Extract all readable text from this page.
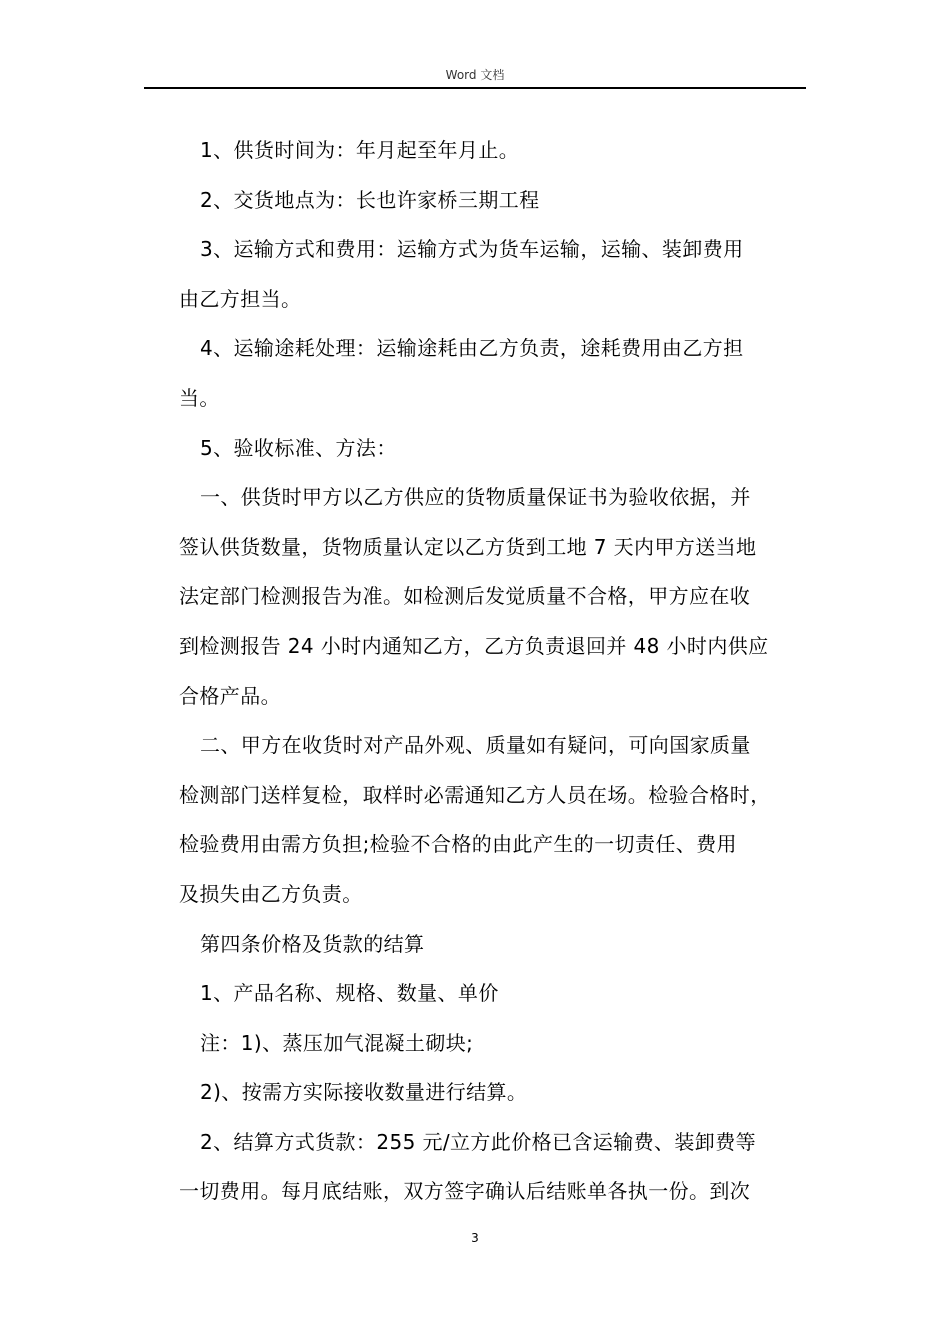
Word 文档
1、供货时间为：年月起至年月止。
2、交货地点为：长也许家桥三期工程
3、运输方式和费用：运输方式为货车运输，运输、装卸费用
由乙方担当。
4、运输途耗处理：运输途耗由乙方负责，途耗费用由乙方担
当。
5、验收标准、方法：
一、供货时甲方以乙方供应的货物质量保证书为验收依据，并
签认供货数量，货物质量认定以乙方货到工地 7 天内甲方送当地
法定部门检测报告为准。如检测后发觉质量不合格，甲方应在收
到检测报告 24 小时内通知乙方，乙方负责退回并 48 小时内供应
合格产品。
二、甲方在收货时对产品外观、质量如有疑问，可向国家质量
检测部门送样复检，取样时必需通知乙方人员在场。检验合格时，
检验费用由需方负担;检验不合格的由此产生的一切责任、费用
及损失由乙方负责。
第四条价格及货款的结算
1、产品名称、规格、数量、单价
注：1)、蒸压加气混凝土砌块;
2)、按需方实际接收数量进行结算。
2、结算方式货款：255 元/立方此价格已含运输费、装卸费等
一切费用。每月底结账，双方签字确认后结账单各执一份。到次
3
